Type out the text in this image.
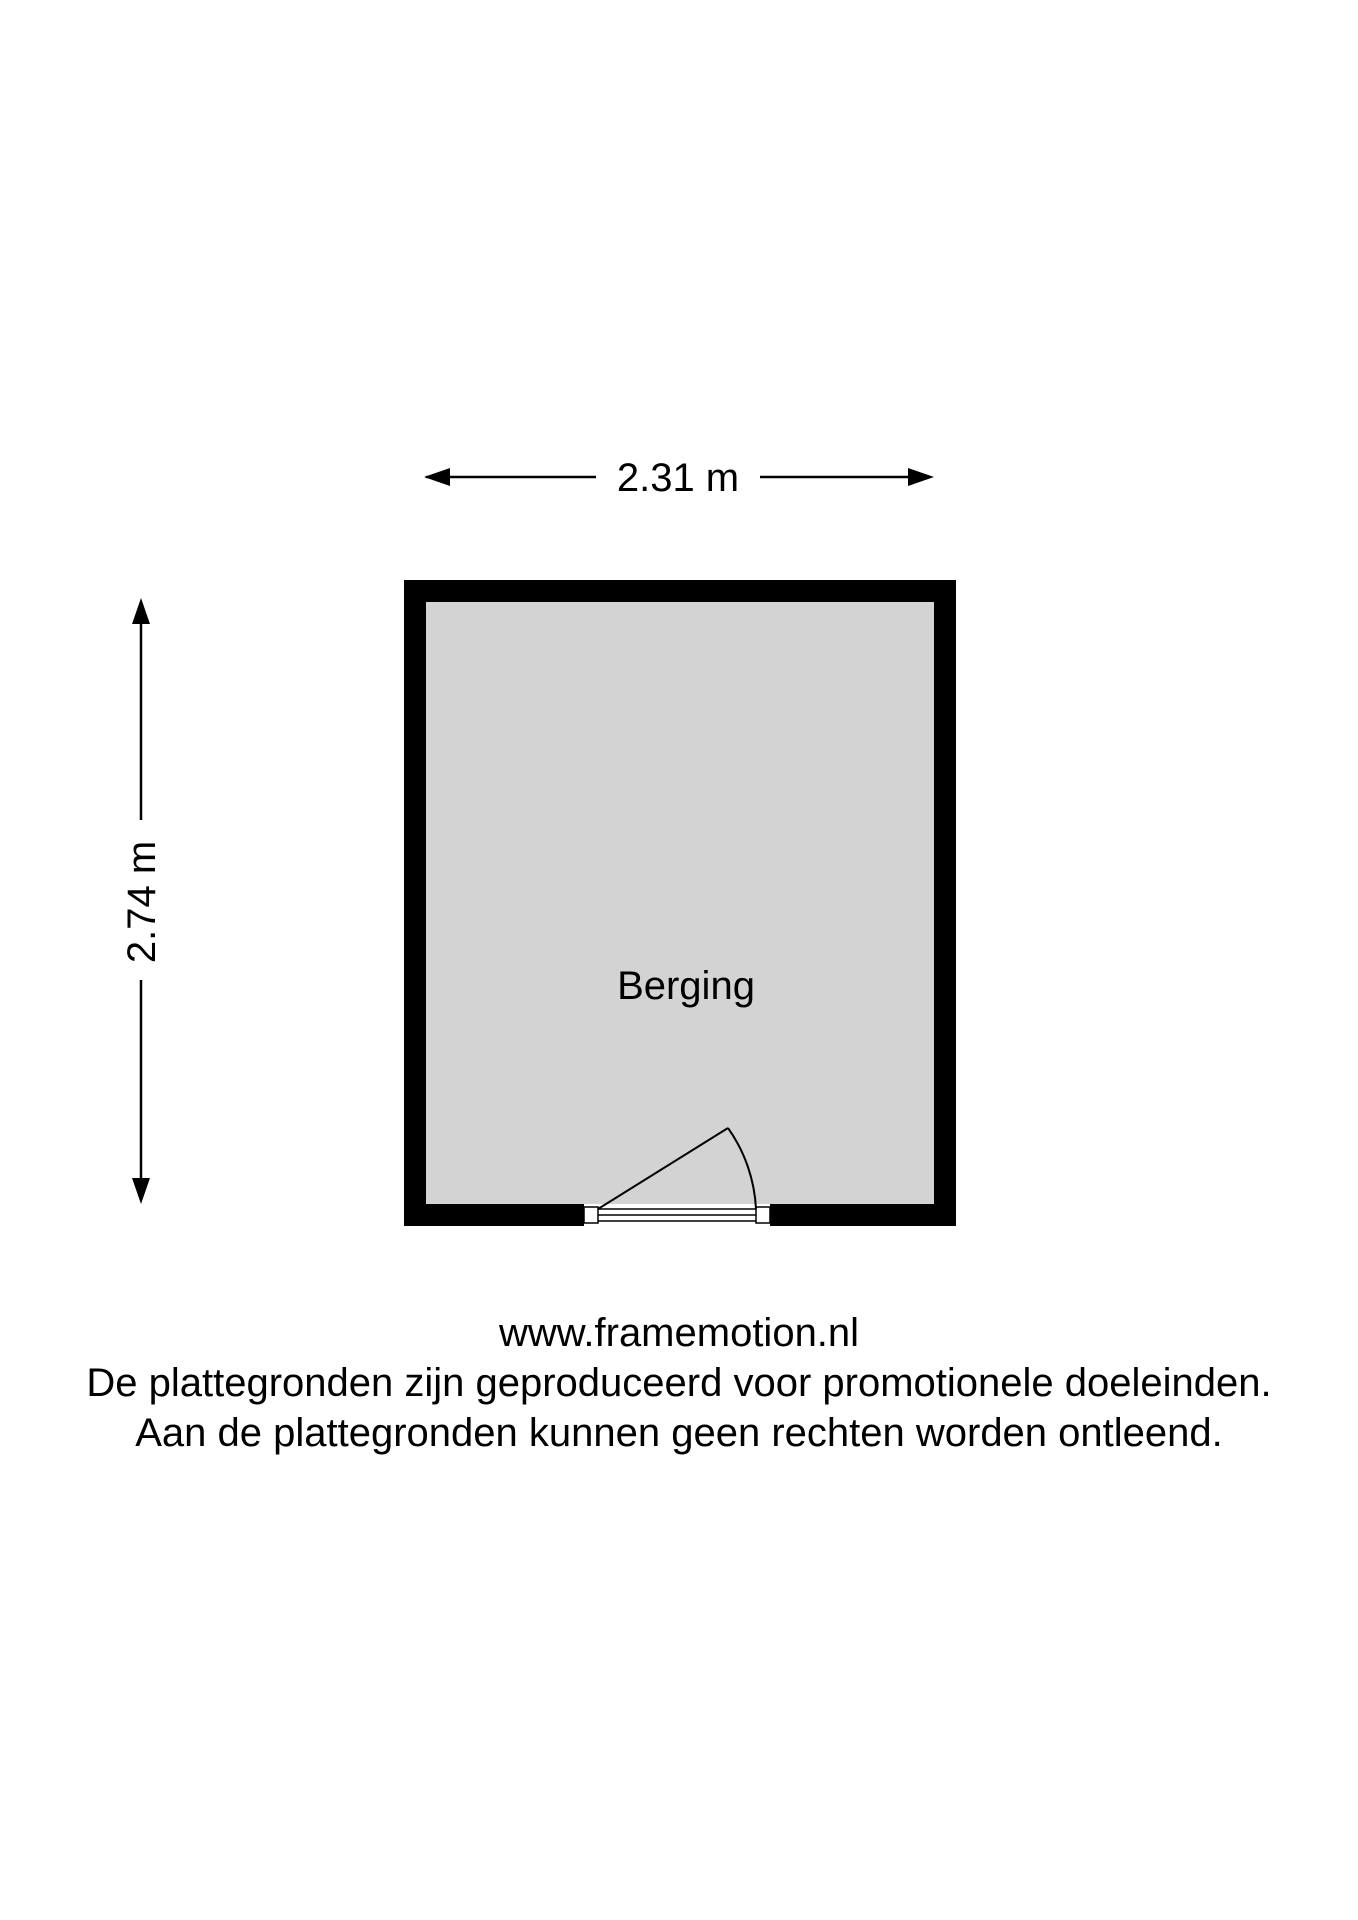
2.31 m
2.74 m
Berging
www.framemotion.nl
De plattegronden zijn geproduceerd voor promotionele doeleinden.
Aan de plattegronden kunnen geen rechten worden ontleend.
